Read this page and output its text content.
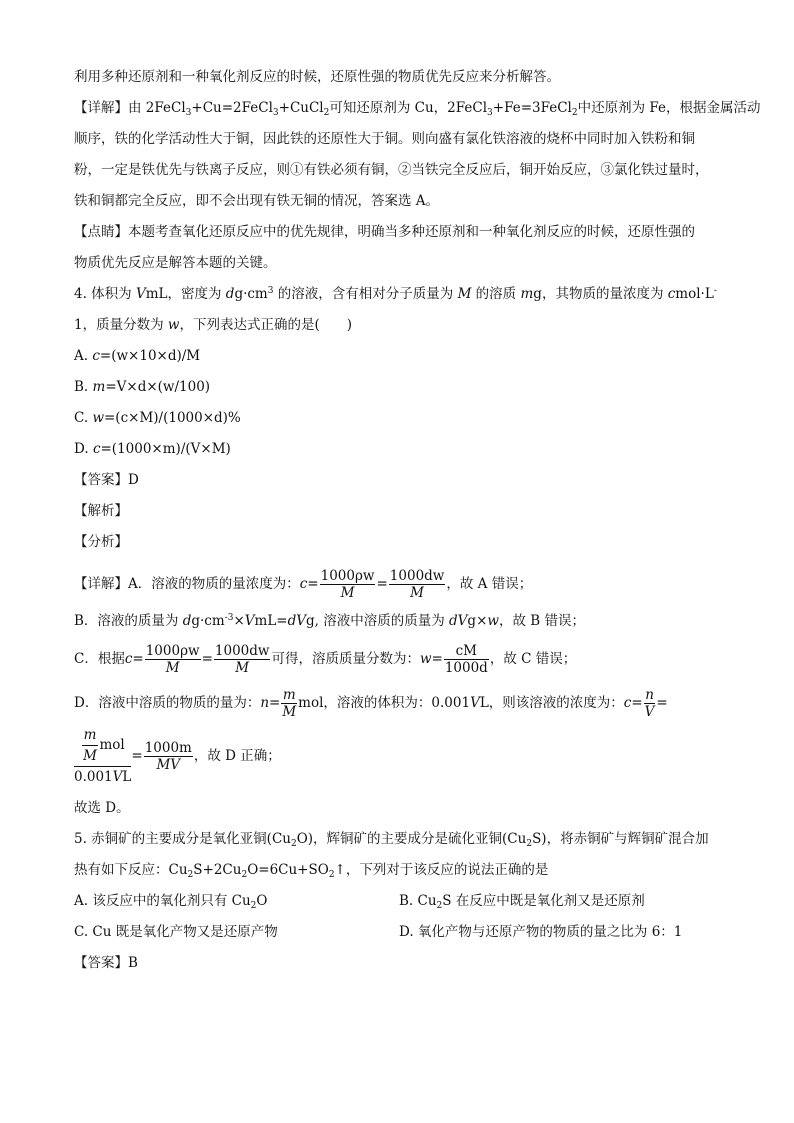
利用多种还原剂和一种氧化剂反应的时候，还原性强的物质优先反应来分析解答。
【详解】由 2FeCl$_3$+Cu=2FeCl$_3$+CuCl$_2$可知还原剂为 Cu，2FeCl$_3$+Fe=3FeCl$_2$中还原剂为 Fe，根据金属活动
顺序，铁的化学活动性大于铜，因此铁的还原性大于铜。则向盛有氯化铁溶液的烧杯中同时加入铁粉和铜
粉，一定是铁优先与铁离子反应，则①有铁必须有铜，②当铁完全反应后，铜开始反应，③氯化铁过量时，
铁和铜都完全反应，即不会出现有铁无铜的情况，答案选 A。
【点睛】本题考查氧化还原反应中的优先规律，明确当多种还原剂和一种氧化剂反应的时候，还原性强的
物质优先反应是解答本题的关键。
4. 体积为 VmL，密度为 $dg\cdot cm^3$ 的溶液，含有相对分子质量为 M 的溶质 mg，其物质的量浓度为 cmol·L-
1，质量分数为 w，下列表达式正确的是(　　)
A. c=(w×10×d)/M
B. m=V×d×(w/100)
C. w=(c×M)/(1000×d)%
D. c=(1000×m)/(V×M)
【答案】D
【解析】
【分析】
【详解】 A．溶液的物质的量浓度为： $c= \frac{1000\rho w}{M} = \frac{1000dw}{M}$ ，故 A 错误；
B．溶液的质量为 $dg\cdot cm^{-3}\times VmL=dVg$, 溶液中溶质的质量为 dVg×w，故 B 错误；
C．根据 $c= \frac{1000\rho w}{M} = \frac{1000dw}{M}$ 可得，溶质质量分数为： $w= \frac{cM}{1000d}$ ，故 C 错误；
D．溶液中溶质的物质的量为： $n= \frac{m}{M}$ mol ，溶液的体积为：0.001 V L，则该溶液的浓度为： $c= \frac{n}{V}$ =
$\frac{\frac{m}{M} mol}{0.001VL} = \frac{1000m}{MV}$ ，故 D 正确；
故选 D。
5. 赤铜矿的主要成分是氧化亚铜$(Cu_2O)$，辉铜矿的主要成分是硫化亚铜$(Cu_2S)$，将赤铜矿与辉铜矿混合加
热有如下反应：$Cu_2S+2Cu_2O=6Cu+SO_2↑$，下列对于该反应的说法正确的是
A. 该反应中的氧化剂只有 $Cu_2O$	B. $Cu_2S$ 在反应中既是氧化剂又是还原剂
C. Cu 既是氧化产物又是还原产物	D. 氧化产物与还原产物的物质的量之比为 6：1
【答案】B
